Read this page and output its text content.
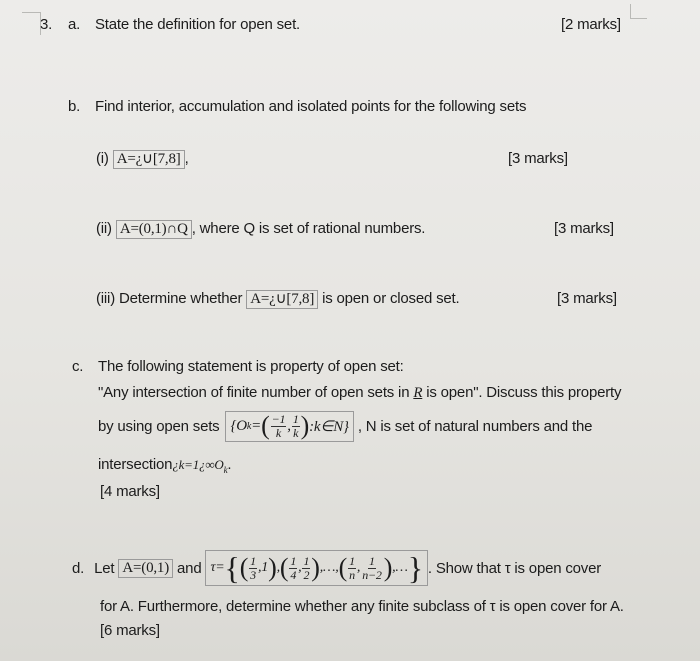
3. a. State the definition for open set.	[2 marks]
b. Find interior, accumulation and isolated points for the following sets
(i) A=¿∪[7,8] ,	[3 marks]
(ii) A=(0,1)∩Q , where Q is set of rational numbers.	[3 marks]
(iii) Determine whether A=¿∪[7,8] is open or closed set.	[3 marks]
c. The following statement is property of open set:
"Any intersection of finite number of open sets in R is open". Discuss this property
by using open sets {O k = ( $\frac{-1}{k}$ , $\frac{1}{k}$ ) :k∈N} , N is set of natural numbers and the
$intersection¿k=1¿\infty O_k$.
[4 marks]
d. Let A=(0,1) and τ= { ( $\frac{1}{3} ,1$ ) , ( $\frac{1}{4}$ , $\frac{1}{2}$ ) ,…, ( $\frac{1}{n}$ , $\frac{1}{n-2}$ ) ,… } . Show that τ is open cover
for A. Furthermore, determine whether any finite subclass of τ is open cover for A.
[6 marks]
